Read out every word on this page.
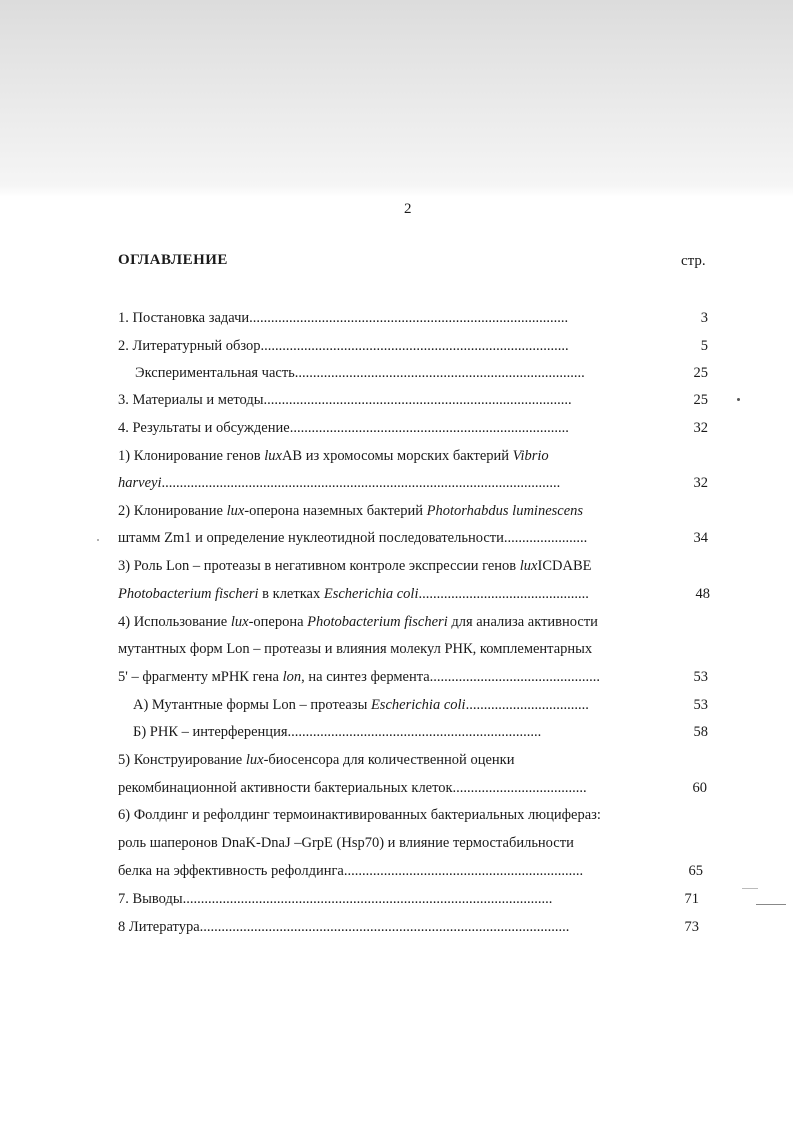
2
ОГЛАВЛЕНИЕ	стр.
1. Постановка задачи........................................................................................	3
2. Литературный обзор.....................................................................................	5
Экспериментальная часть................................................................................	25
3. Материалы и методы.....................................................................................	25
4. Результаты и обсуждение.............................................................................	32
1) Клонирование генов luxAB из хромосомы морских бактерий Vibrio
harveyi..............................................................................................................	32
2) Клонирование lux-оперона наземных бактерий Photorhabdus luminescens
штамм Zm1 и определение нуклеотидной последовательности.......................	34
3) Роль Lon – протеазы в негативном контроле экспрессии генов luxICDABE
Photobacterium fischeri в клетках Escherichia coli...............................................	48
4) Использование lux-оперона Photobacterium fischeri для анализа активности
мутантных форм Lon – протеазы и влияния молекул РНК, комплементарных
5' – фрагменту мРНК гена lon, на синтез фермента...............................................	53
А) Мутантные формы Lon – протеазы Escherichia coli..................................	53
Б) РНК – интерференция......................................................................	58
5) Конструирование lux-биосенсора для количественной оценки
рекомбинационной активности бактериальных клеток.....................................	60
6) Фолдинг и рефолдинг термоинактивированных бактериальных люцифераз:
роль шаперонов DnaK-DnaJ –GrpE (Hsp70) и влияние термостабильности
белка на эффективность рефолдинга..................................................................	65
7. Выводы......................................................................................................	71
8 Литература......................................................................................................	73
